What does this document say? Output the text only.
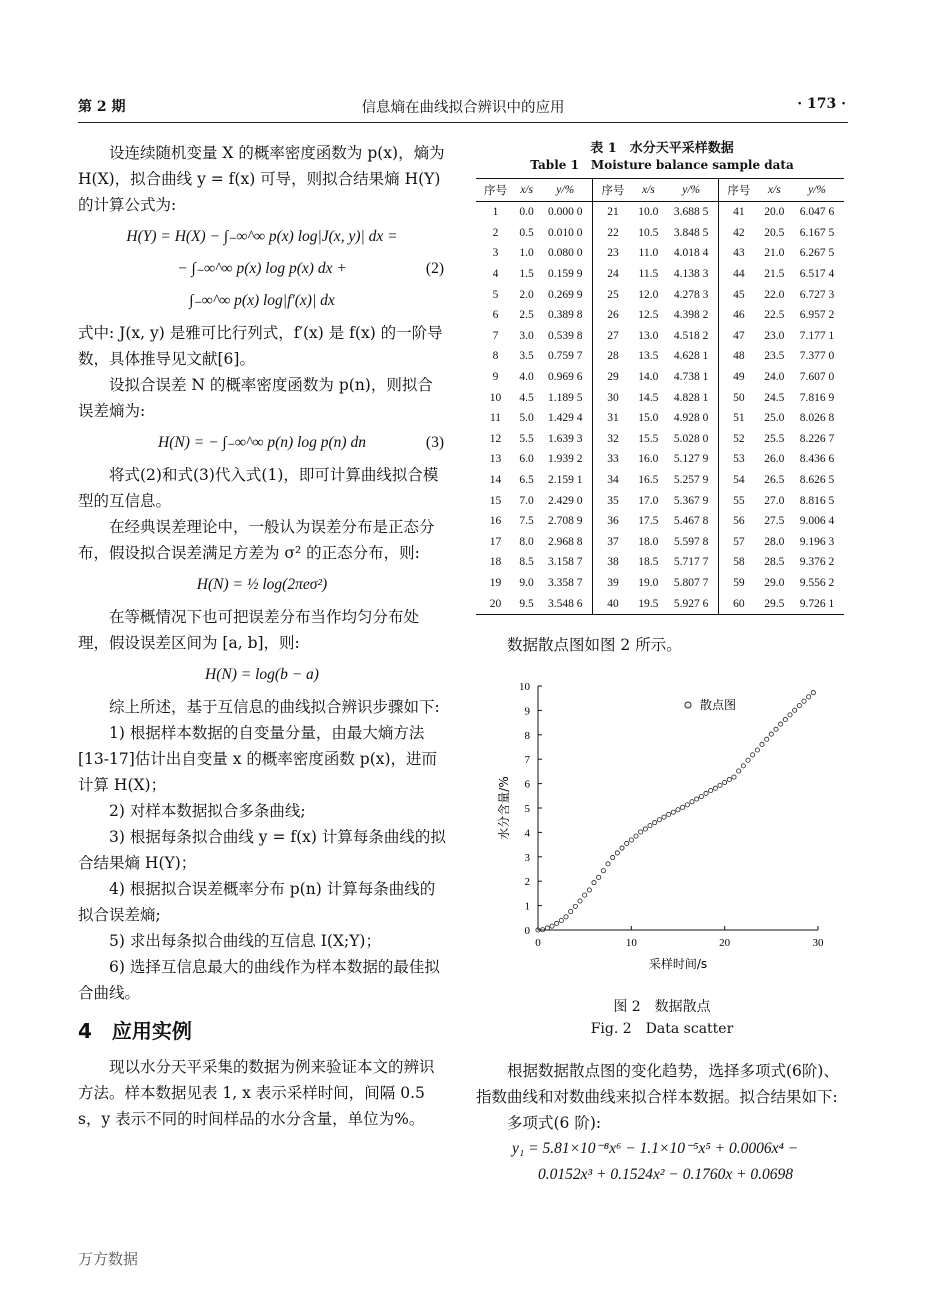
第 2 期	信息熵在曲线拟合辨识中的应用	· 173 ·

设连续随机变量 X 的概率密度函数为 p(x)，熵为 H(X)，拟合曲线 y = f(x) 可导，则拟合结果熵 H(Y) 的计算公式为:

H(Y) = H(X) − ∫₋∞^∞ p(x) log|J(x, y)| dx =
− ∫₋∞^∞ p(x) log p(x) dx +	(2)
∫₋∞^∞ p(x) log|f′(x)| dx

式中: J(x, y) 是雅可比行列式，f′(x) 是 f(x) 的一阶导数，具体推导见文献[6]。

设拟合误差 N 的概率密度函数为 p(n)，则拟合误差熵为:

H(N) = − ∫₋∞^∞ p(n) log p(n) dn	(3)

将式(2)和式(3)代入式(1)，即可计算曲线拟合模型的互信息。

在经典误差理论中，一般认为误差分布是正态分布，假设拟合误差满足方差为 σ² 的正态分布，则:

H(N) = ½ log(2πeσ²)

在等概情况下也可把误差分布当作均匀分布处理，假设误差区间为 [a, b]，则:

H(N) = log(b − a)

综上所述，基于互信息的曲线拟合辨识步骤如下:

1) 根据样本数据的自变量分量，由最大熵方法[13-17]估计出自变量 x 的概率密度函数 p(x)，进而计算 H(X)；

2) 对样本数据拟合多条曲线;

3) 根据每条拟合曲线 y = f(x) 计算每条曲线的拟合结果熵 H(Y)；

4) 根据拟合误差概率分布 p(n) 计算每条曲线的拟合误差熵;

5) 求出每条拟合曲线的互信息 I(X;Y)；

6) 选择互信息最大的曲线作为样本数据的最佳拟合曲线。

4　应用实例

现以水分天平采集的数据为例来验证本文的辨识方法。样本数据见表 1, x 表示采样时间，间隔 0.5 s，y 表示不同的时间样品的水分含量，单位为%。

表 1　水分天平采样数据
Table 1　Moisture balance sample data
序号	x/s	y/%	序号	x/s	y/%	序号	x/s	y/%
1	0.0	0.000 0	21	10.0	3.688 5	41	20.0	6.047 6
2	0.5	0.010 0	22	10.5	3.848 5	42	20.5	6.167 5
3	1.0	0.080 0	23	11.0	4.018 4	43	21.0	6.267 5
4	1.5	0.159 9	24	11.5	4.138 3	44	21.5	6.517 4
5	2.0	0.269 9	25	12.0	4.278 3	45	22.0	6.727 3
6	2.5	0.389 8	26	12.5	4.398 2	46	22.5	6.957 2
7	3.0	0.539 8	27	13.0	4.518 2	47	23.0	7.177 1
8	3.5	0.759 7	28	13.5	4.628 1	48	23.5	7.377 0
9	4.0	0.969 6	29	14.0	4.738 1	49	24.0	7.607 0
10	4.5	1.189 5	30	14.5	4.828 1	50	24.5	7.816 9
11	5.0	1.429 4	31	15.0	4.928 0	51	25.0	8.026 8
12	5.5	1.639 3	32	15.5	5.028 0	52	25.5	8.226 7
13	6.0	1.939 2	33	16.0	5.127 9	53	26.0	8.436 6
14	6.5	2.159 1	34	16.5	5.257 9	54	26.5	8.626 5
15	7.0	2.429 0	35	17.0	5.367 9	55	27.0	8.816 5
16	7.5	2.708 9	36	17.5	5.467 8	56	27.5	9.006 4
17	8.0	2.968 8	37	18.0	5.597 8	57	28.0	9.196 3
18	8.5	3.158 7	38	18.5	5.717 7	58	28.5	9.376 2
19	9.0	3.358 7	39	19.0	5.807 7	59	29.0	9.556 2
20	9.5	3.548 6	40	19.5	5.927 6	60	29.5	9.726 1

数据散点图如图 2 所示。

0
1
2
3
4
5
6
7
8
9
10
0	10	20	30
采样时间/s
水分含量/%
散点图
图 2　数据散点
Fig. 2　Data scatter

根据数据散点图的变化趋势，选择多项式(6阶)、指数曲线和对数曲线来拟合样本数据。拟合结果如下:

多项式(6 阶):

y₁ = 5.81×10⁻⁸x⁶ − 1.1×10⁻⁵x⁵ + 0.0006x⁴ −

0.0152x³ + 0.1524x² − 0.1760x + 0.0698

万方数据
